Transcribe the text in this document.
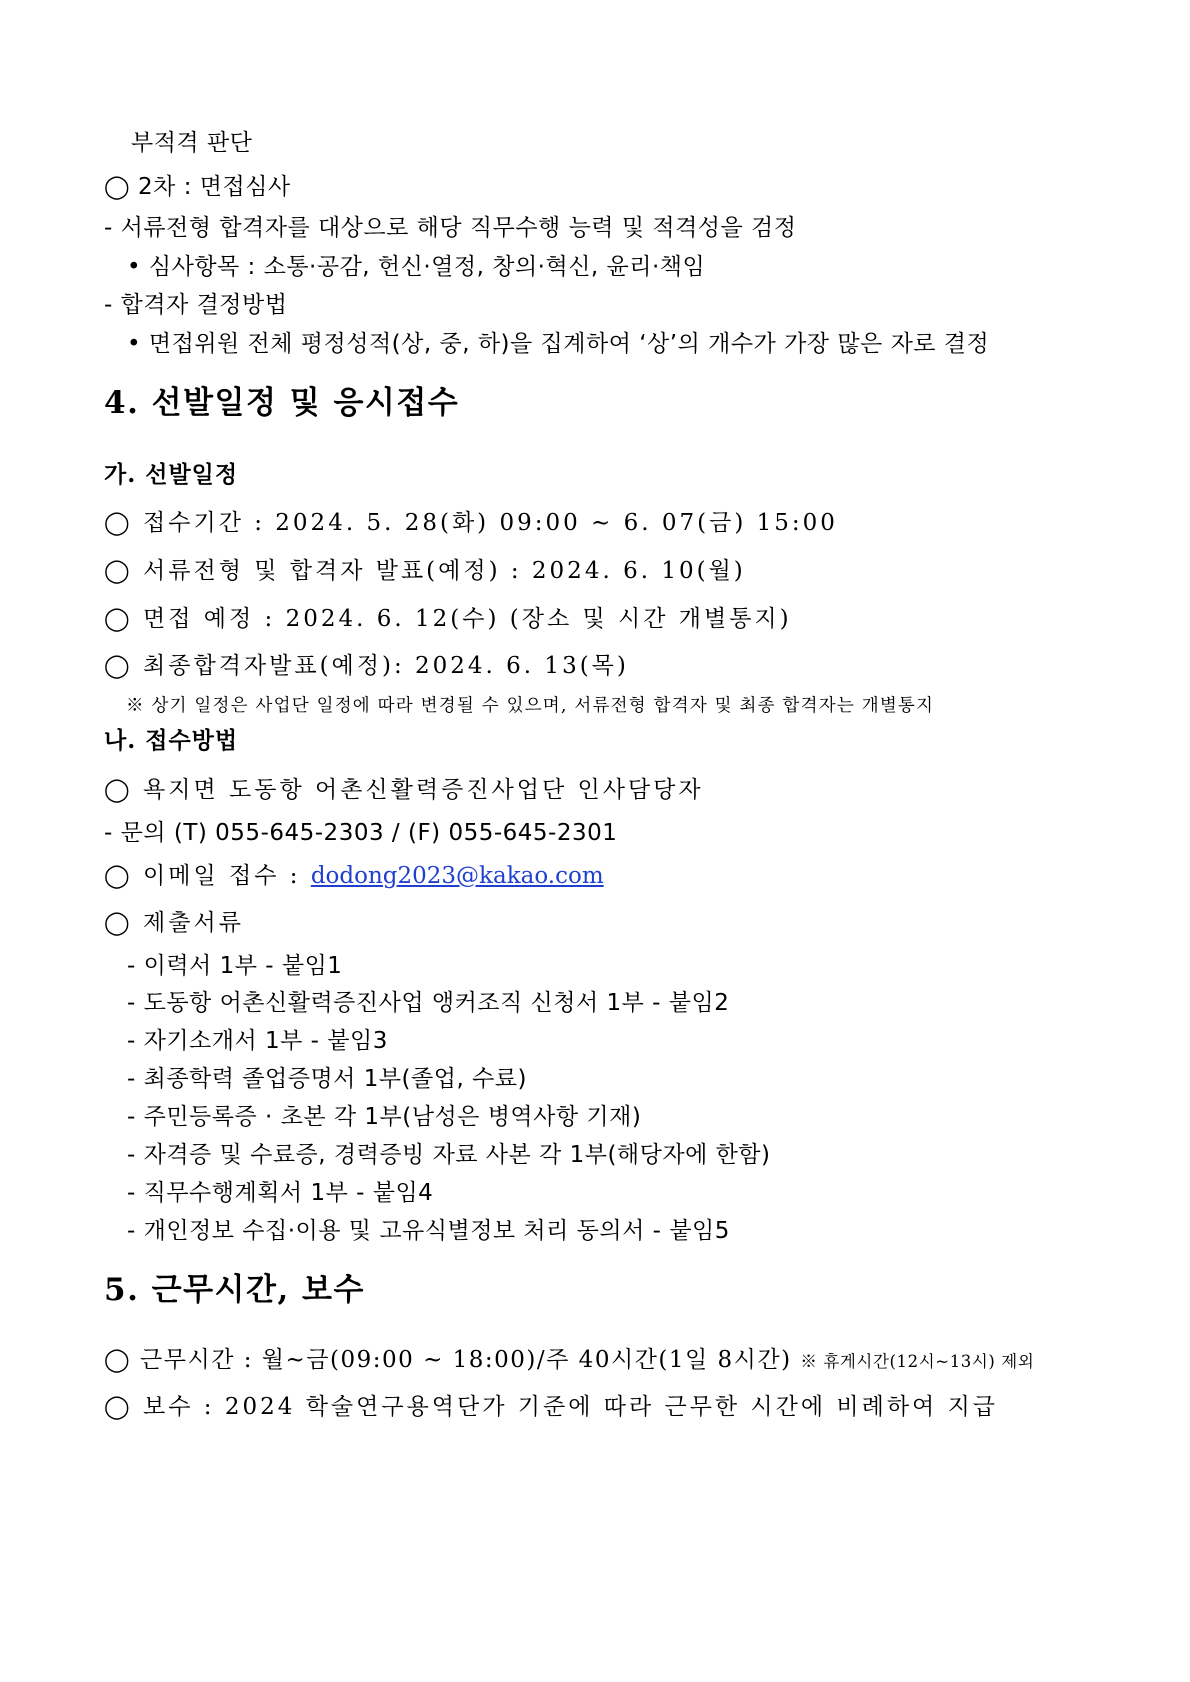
부적격 판단
◯ 2차 : 면접심사
- 서류전형 합격자를 대상으로 해당 직무수행 능력 및 적격성을 검정
• 심사항목 : 소통·공감, 헌신·열정, 창의·혁신, 윤리·책임
- 합격자 결정방법
• 면접위원 전체 평정성적(상, 중, 하)을 집계하여 ‘상’의 개수가 가장 많은 자로 결정
4. 선발일정 및 응시접수
가. 선발일정
◯ 접수기간 : 2024. 5. 28(화) 09:00 ∼ 6. 07(금) 15:00
◯ 서류전형 및 합격자 발표(예정) : 2024. 6. 10(월)
◯ 면접 예정 : 2024. 6. 12(수) (장소 및 시간 개별통지)
◯ 최종합격자발표(예정): 2024. 6. 13(목)
※ 상기 일정은 사업단 일정에 따라 변경될 수 있으며, 서류전형 합격자 및 최종 합격자는 개별통지
나. 접수방법
◯ 욕지면 도동항 어촌신활력증진사업단 인사담당자
- 문의 (T) 055-645-2303 / (F) 055-645-2301
◯ 이메일 접수 : dodong2023@kakao.com
◯ 제출서류
- 이력서 1부 - 붙임1
- 도동항 어촌신활력증진사업 앵커조직 신청서 1부 - 붙임2
- 자기소개서 1부 - 붙임3
- 최종학력 졸업증명서 1부(졸업, 수료)
- 주민등록증 · 초본 각 1부(남성은 병역사항 기재)
- 자격증 및 수료증, 경력증빙 자료 사본 각 1부(해당자에 한함)
- 직무수행계획서 1부 - 붙임4
- 개인정보 수집·이용 및 고유식별정보 처리 동의서 - 붙임5
5. 근무시간, 보수
◯ 근무시간 : 월~금(09:00 ~ 18:00)/주 40시간(1일 8시간) ※ 휴게시간(12시~13시) 제외
◯ 보수 : 2024 학술연구용역단가 기준에 따라 근무한 시간에 비례하여 지급
